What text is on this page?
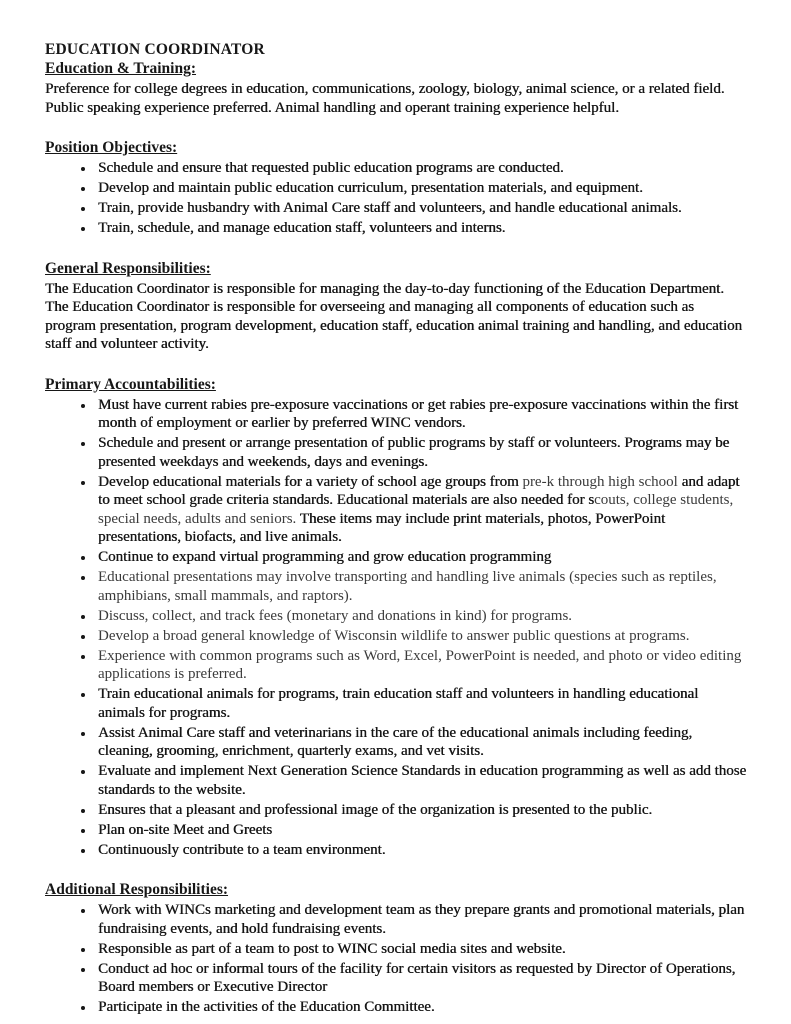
EDUCATION COORDINATOR
Education & Training:

Preference for college degrees in education, communications, zoology, biology, animal science, or a related field. Public speaking experience preferred. Animal handling and operant training experience helpful.

Position Objectives:
• Schedule and ensure that requested public education programs are conducted.
• Develop and maintain public education curriculum, presentation materials, and equipment.
• Train, provide husbandry with Animal Care staff and volunteers, and handle educational animals.
• Train, schedule, and manage education staff, volunteers and interns.
General Responsibilities:

The Education Coordinator is responsible for managing the day-to-day functioning of the Education Department. The Education Coordinator is responsible for overseeing and managing all components of education such as program presentation, program development, education staff, education animal training and handling, and education staff and volunteer activity.

Primary Accountabilities:
• Must have current rabies pre-exposure vaccinations or get rabies pre-exposure vaccinations within the first month of employment or earlier by preferred WINC vendors.
• Schedule and present or arrange presentation of public programs by staff or volunteers. Programs may be presented weekdays and weekends, days and evenings.
• Develop educational materials for a variety of school age groups from pre-k through high school and adapt to meet school grade criteria standards. Educational materials are also needed for scouts, college students, special needs, adults and seniors. These items may include print materials, photos, PowerPoint presentations, biofacts, and live animals.
• Continue to expand virtual programming and grow education programming
• Educational presentations may involve transporting and handling live animals (species such as reptiles, amphibians, small mammals, and raptors).
• Discuss, collect, and track fees (monetary and donations in kind) for programs.
• Develop a broad general knowledge of Wisconsin wildlife to answer public questions at programs.
• Experience with common programs such as Word, Excel, PowerPoint is needed, and photo or video editing applications is preferred.
• Train educational animals for programs, train education staff and volunteers in handling educational animals for programs.
• Assist Animal Care staff and veterinarians in the care of the educational animals including feeding, cleaning, grooming, enrichment, quarterly exams, and vet visits.
• Evaluate and implement Next Generation Science Standards in education programming as well as add those standards to the website.
• Ensures that a pleasant and professional image of the organization is presented to the public.
• Plan on-site Meet and Greets
• Continuously contribute to a team environment.
Additional Responsibilities:
• Work with WINCs marketing and development team as they prepare grants and promotional materials, plan fundraising events, and hold fundraising events.
• Responsible as part of a team to post to WINC social media sites and website.
• Conduct ad hoc or informal tours of the facility for certain visitors as requested by Director of Operations, Board members or Executive Director
• Participate in the activities of the Education Committee.
